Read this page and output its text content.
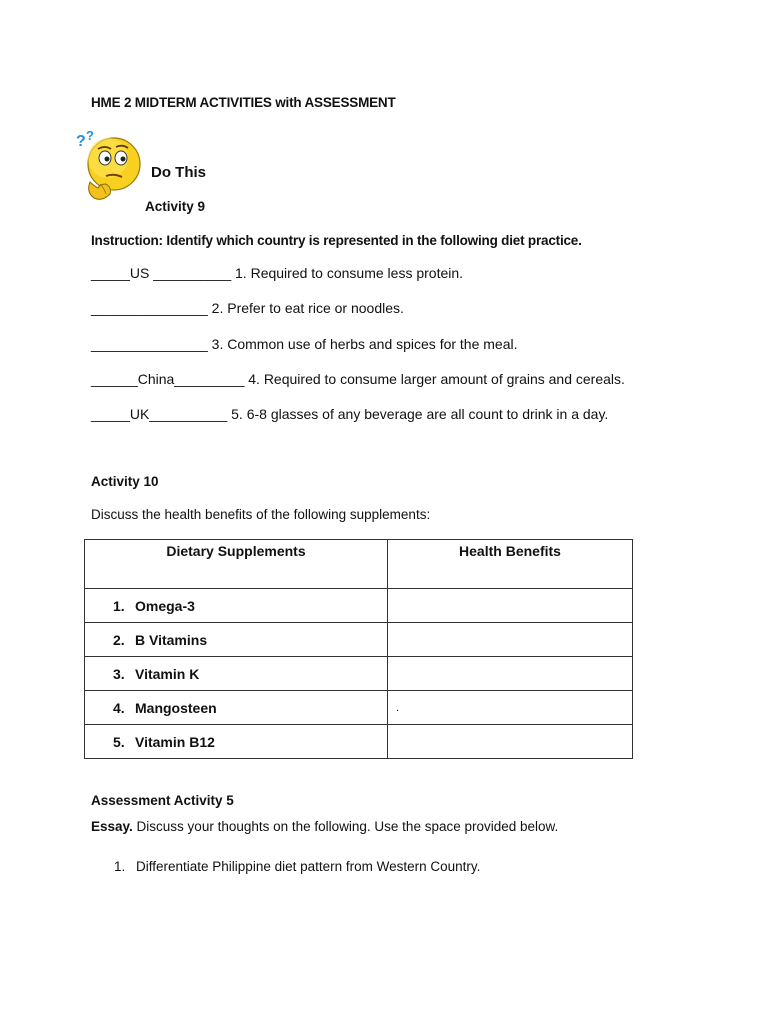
HME 2 MIDTERM ACTIVITIES with ASSESSMENT
? ?
Do This
Activity 9
Instruction: Identify which country is represented in the following diet practice.
_____US __________ 1. Required to consume less protein.
_______________ 2. Prefer to eat rice or noodles.
_______________ 3. Common use of herbs and spices for the meal.
______China_________ 4. Required to consume larger amount of grains and cereals.
_____UK__________ 5. 6-8 glasses of any beverage are all count to drink in a day.
Activity 10
Discuss the health benefits of the following supplements:
Dietary Supplements	Health Benefits
1. Omega-3	
2. B Vitamins	
3. Vitamin K	
4. Mangosteen	.
5. Vitamin B12	
Assessment Activity 5
Essay. Discuss your thoughts on the following. Use the space provided below.
1. Differentiate Philippine diet pattern from Western Country.
